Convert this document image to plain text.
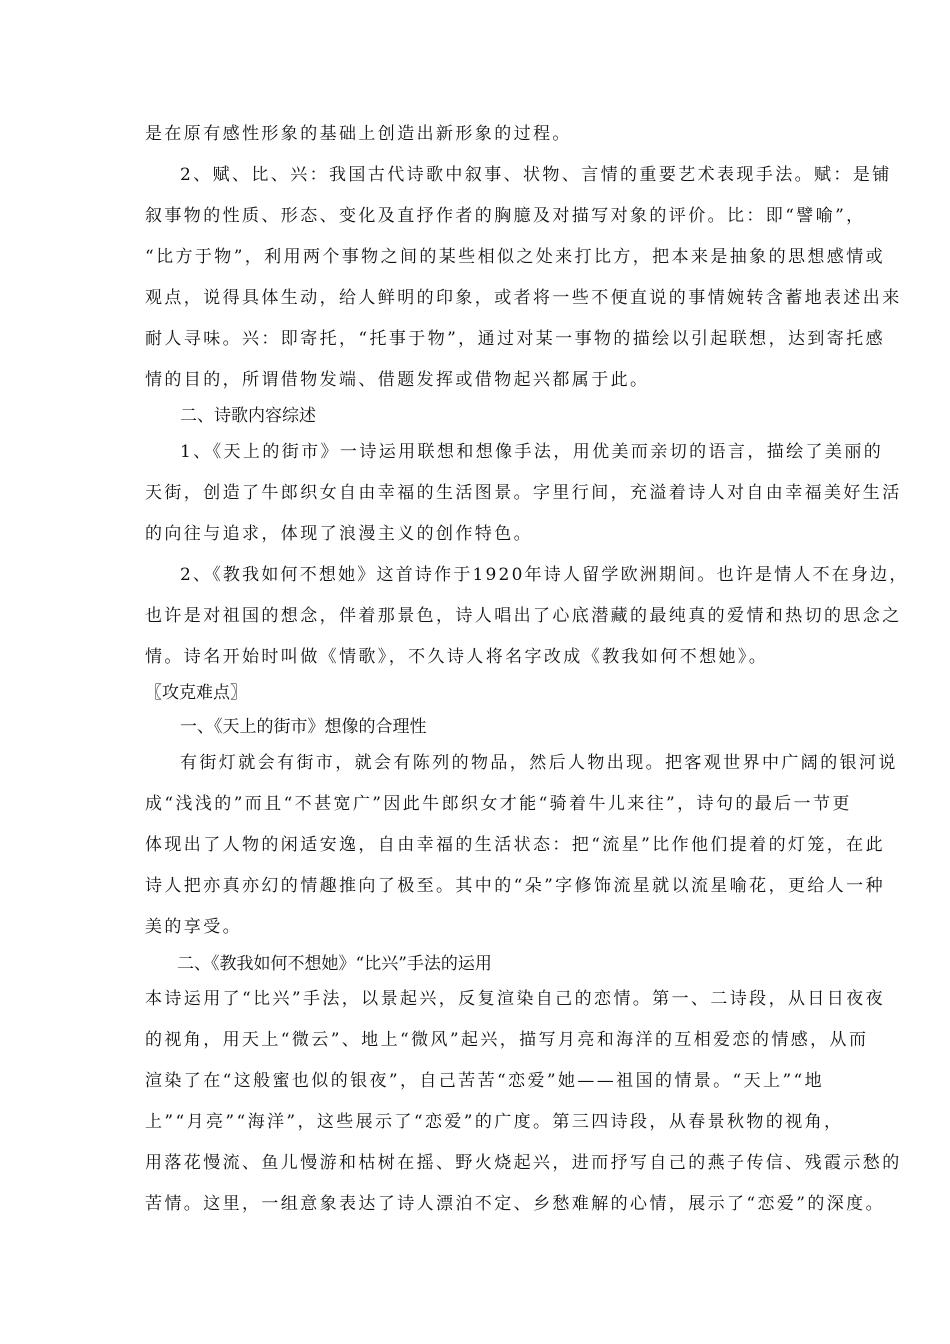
是在原有感性形象的基础上创造出新形象的过程。
2、赋、比、兴：我国古代诗歌中叙事、状物、言情的重要艺术表现手法。赋：是铺
叙事物的性质、形态、变化及直抒作者的胸臆及对描写对象的评价。比：即“譬喻”，
“比方于物”，利用两个事物之间的某些相似之处来打比方，把本来是抽象的思想感情或
观点，说得具体生动，给人鲜明的印象，或者将一些不便直说的事情婉转含蓄地表述出来
耐人寻味。兴：即寄托，“托事于物”，通过对某一事物的描绘以引起联想，达到寄托感
情的目的，所谓借物发端、借题发挥或借物起兴都属于此。
二、诗歌内容综述
1、《天上的街市》一诗运用联想和想像手法，用优美而亲切的语言，描绘了美丽的
天街，创造了牛郎织女自由幸福的生活图景。字里行间，充溢着诗人对自由幸福美好生活
的向往与追求，体现了浪漫主义的创作特色。
2、《教我如何不想她》这首诗作于1920年诗人留学欧洲期间。也许是情人不在身边，
也许是对祖国的想念，伴着那景色，诗人唱出了心底潜藏的最纯真的爱情和热切的思念之
情。诗名开始时叫做《情歌》，不久诗人将名字改成《教我如何不想她》。
〖攻克难点〗
一、《天上的街市》想像的合理性
有街灯就会有街市，就会有陈列的物品，然后人物出现。把客观世界中广阔的银河说
成“浅浅的”而且“不甚宽广”因此牛郎织女才能“骑着牛儿来往”，诗句的最后一节更
体现出了人物的闲适安逸，自由幸福的生活状态：把“流星”比作他们提着的灯笼，在此
诗人把亦真亦幻的情趣推向了极至。其中的“朵”字修饰流星就以流星喻花，更给人一种
美的享受。
二、《教我如何不想她》“比兴”手法的运用
本诗运用了“比兴”手法，以景起兴，反复渲染自己的恋情。第一、二诗段，从日日夜夜
的视角，用天上“微云”、地上“微风”起兴，描写月亮和海洋的互相爱恋的情感，从而
渲染了在“这般蜜也似的银夜”，自己苦苦“恋爱”她——祖国的情景。“天上”“地
上”“月亮”“海洋”，这些展示了“恋爱”的广度。第三四诗段，从春景秋物的视角，
用落花慢流、鱼儿慢游和枯树在摇、野火烧起兴，进而抒写自己的燕子传信、残霞示愁的
苦情。这里，一组意象表达了诗人漂泊不定、乡愁难解的心情，展示了“恋爱”的深度。
